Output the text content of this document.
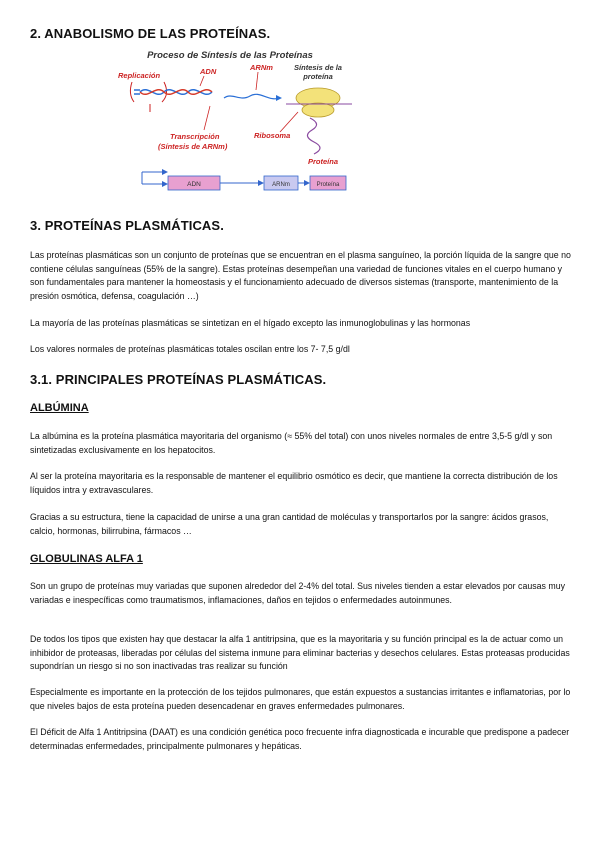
2. ANABOLISMO DE LAS PROTEÍNAS.
Proceso de Síntesis de las Proteínas
Replicación	ADN	ARNm	Síntesis de la
proteína
Transcripción
(Síntesis de ARNm)
Ribosoma
Proteína
ADN	ARNm	Proteína
3. PROTEÍNAS PLASMÁTICAS.

Las proteínas plasmáticas son un conjunto de proteínas que se encuentran en el plasma sanguíneo, la porción líquida de la sangre que no contiene células sanguíneas (55% de la sangre). Estas proteínas desempeñan una variedad de funciones vitales en el cuerpo humano y son fundamentales para mantener la homeostasis y el funcionamiento adecuado de diversos sistemas (transporte, mantenimiento de la presión osmótica, defensa, coagulación …)

La mayoría de las proteínas plasmáticas se sintetizan en el hígado excepto las inmunoglobulinas y las hormonas

Los valores normales de proteínas plasmáticas totales oscilan entre los 7- 7,5 g/dl

3.1. PRINCIPALES PROTEÍNAS PLASMÁTICAS.
ALBÚMINA

La albúmina es la proteína plasmática mayoritaria del organismo (≈ 55% del total) con unos niveles normales de entre 3,5-5 g/dl y son sintetizadas exclusivamente en los hepatocitos.

Al ser la proteína mayoritaria es la responsable de mantener el equilibrio osmótico es decir, que mantiene la correcta distribución de los líquidos intra y extravasculares.

Gracias a su estructura, tiene la capacidad de unirse a una gran cantidad de moléculas y transportarlos por la sangre: ácidos grasos, calcio, hormonas, bilirrubina, fármacos …

GLOBULINAS ALFA 1

Son un grupo de proteínas muy variadas que suponen alrededor del 2-4% del total. Sus niveles tienden a estar elevados por causas muy variadas e inespecíficas como traumatismos, inflamaciones, daños en tejidos o enfermedades autoinmunes.

De todos los tipos que existen hay que destacar la alfa 1 antitripsina, que es la mayoritaria y su función principal es la de actuar como un inhibidor de proteasas, liberadas por células del sistema inmune para eliminar bacterias y desechos celulares. Estas proteasas producidas supondrían un riesgo si no son inactivadas tras realizar su función

Especialmente es importante en la protección de los tejidos pulmonares, que están expuestos a sustancias irritantes e inflamatorias, por lo que niveles bajos de esta proteína pueden desencadenar en graves enfermedades pulmonares.

El Déficit de Alfa 1 Antitripsina (DAAT) es una condición genética poco frecuente infra diagnosticada e incurable que predispone a padecer determinadas enfermedades, principalmente pulmonares y hepáticas.
